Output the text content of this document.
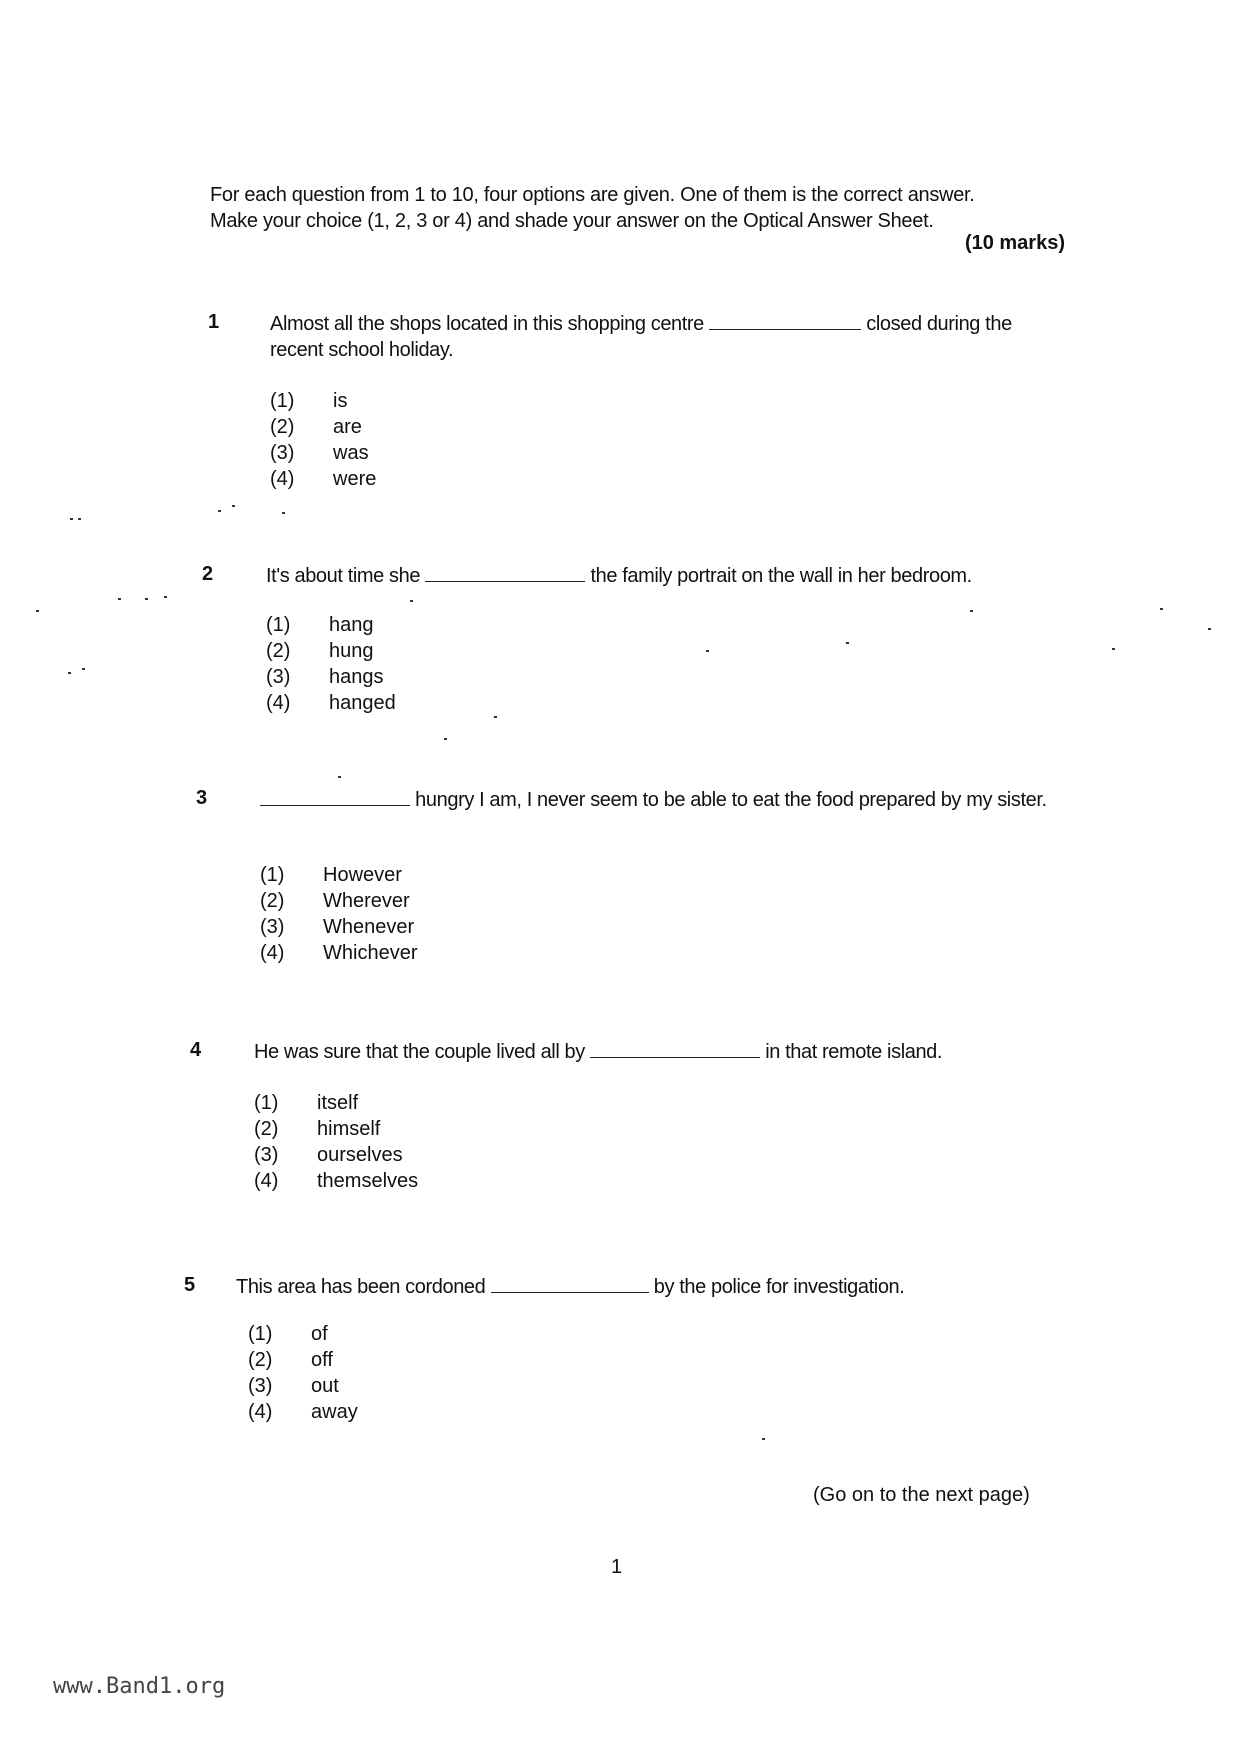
For each question from 1 to 10, four options are given. One of them is the correct answer.
Make your choice (1, 2, 3 or 4) and shade your answer on the Optical Answer Sheet.
(10 marks)
1	Almost all the shops located in this shopping centre	closed during the recent school holiday.
(1)	is
(2)	are
(3)	was
(4)	were
2	It's about time she	the family portrait on the wall in her bedroom.
(1)	hang
(2)	hung
(3)	hangs
(4)	hanged
3	hungry I am, I never seem to be able to eat the food prepared by my sister.
(1)	However
(2)	Wherever
(3)	Whenever
(4)	Whichever
4	He was sure that the couple lived all by	in that remote island.
(1)	itself
(2)	himself
(3)	ourselves
(4)	themselves
5 This area has been cordoned	by the police for investigation.
(1)	of
(2)	off
(3)	out
(4)	away
(Go on to the next page)
1
www.Band1.org
